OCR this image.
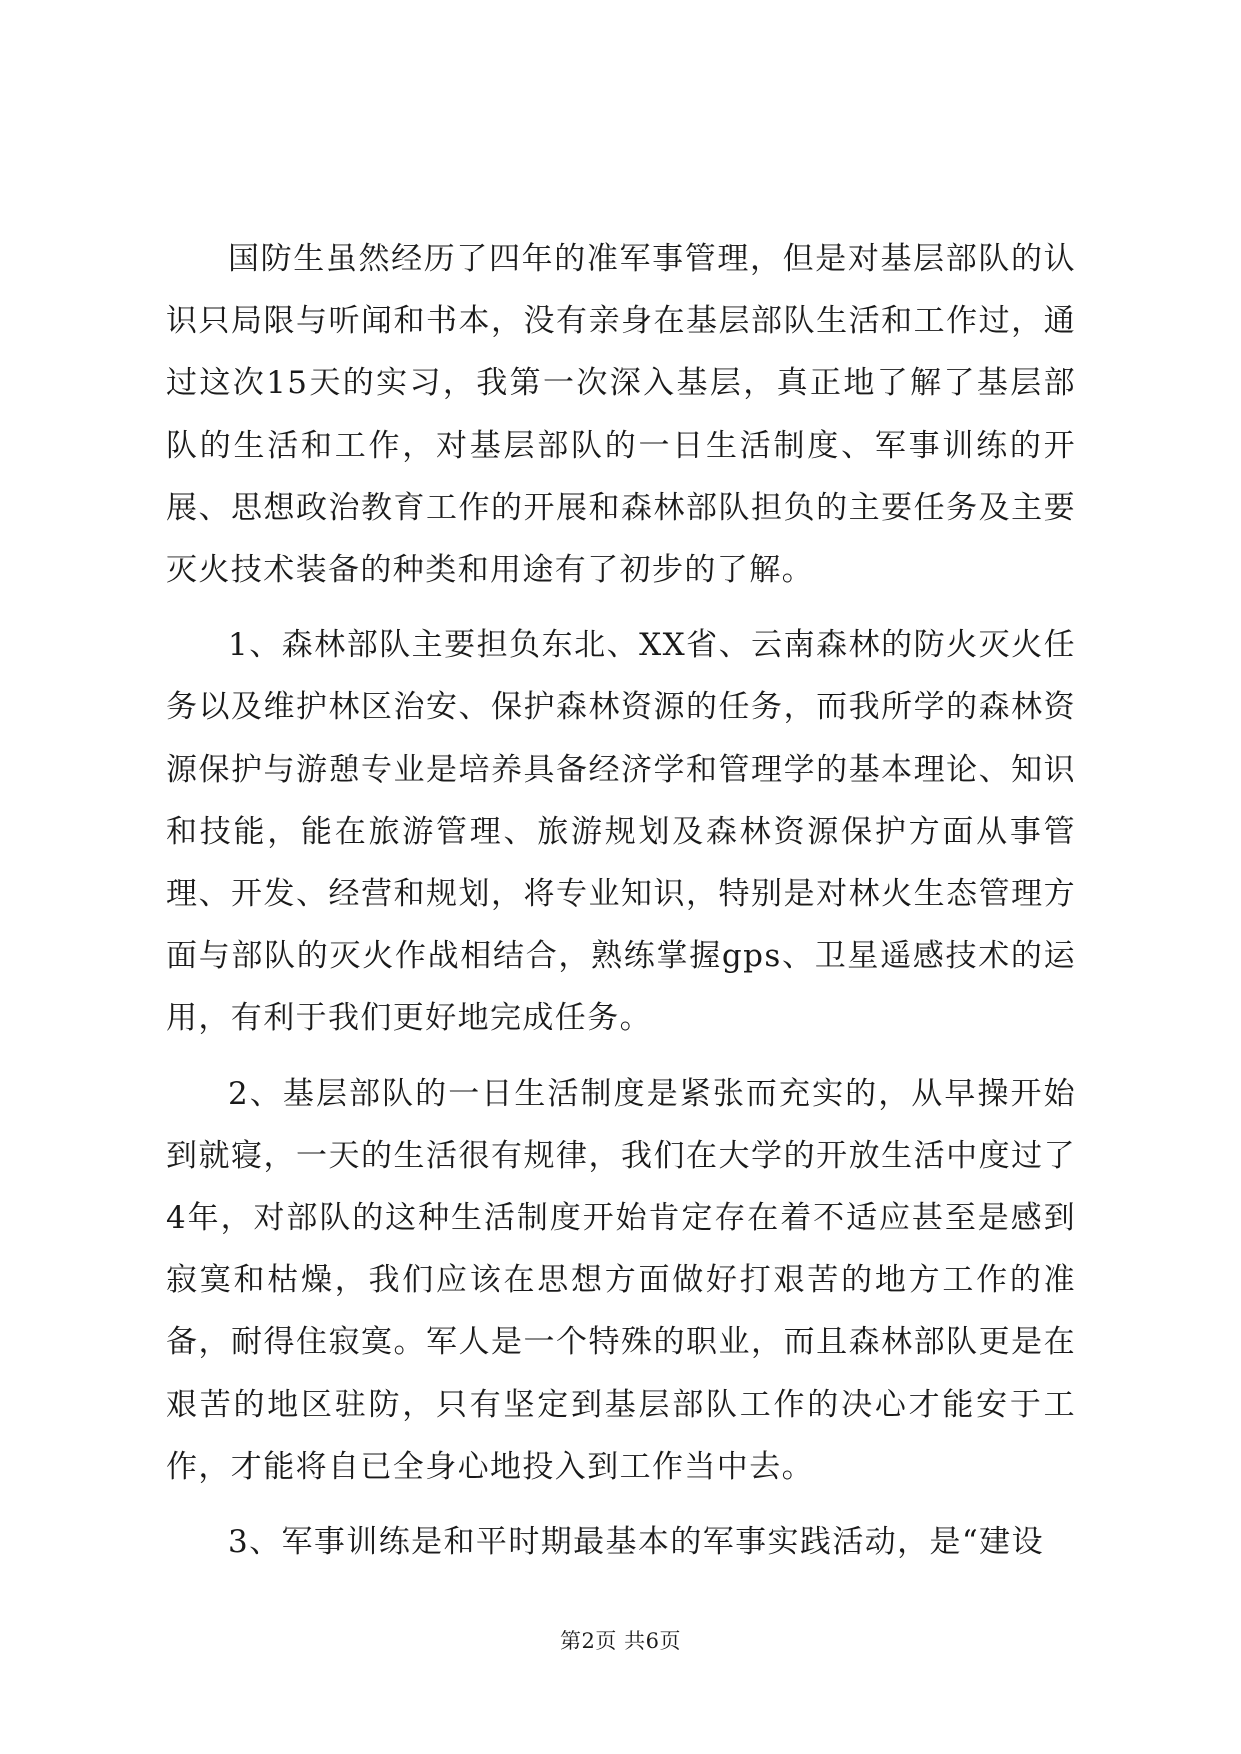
国防生虽然经历了四年的准军事管理，但是对基层部队的认识只局限与听闻和书本，没有亲身在基层部队生活和工作过，通过这次15天的实习，我第一次深入基层，真正地了解了基层部队的生活和工作，对基层部队的一日生活制度、军事训练的开展、思想政治教育工作的开展和森林部队担负的主要任务及主要灭火技术装备的种类和用途有了初步的了解。

1、森林部队主要担负东北、XX省、云南森林的防火灭火任务以及维护林区治安、保护森林资源的任务，而我所学的森林资源保护与游憩专业是培养具备经济学和管理学的基本理论、知识和技能，能在旅游管理、旅游规划及森林资源保护方面从事管理、开发、经营和规划，将专业知识，特别是对林火生态管理方面与部队的灭火作战相结合，熟练掌握gps、卫星遥感技术的运用，有利于我们更好地完成任务。

2、基层部队的一日生活制度是紧张而充实的，从早操开始到就寝，一天的生活很有规律，我们在大学的开放生活中度过了4年，对部队的这种生活制度开始肯定存在着不适应甚至是感到寂寞和枯燥，我们应该在思想方面做好打艰苦的地方工作的准备，耐得住寂寞。军人是一个特殊的职业，而且森林部队更是在艰苦的地区驻防，只有坚定到基层部队工作的决心才能安于工作，才能将自已全身心地投入到工作当中去。

3、军事训练是和平时期最基本的军事实践活动，是“建设

第2页 共6页
